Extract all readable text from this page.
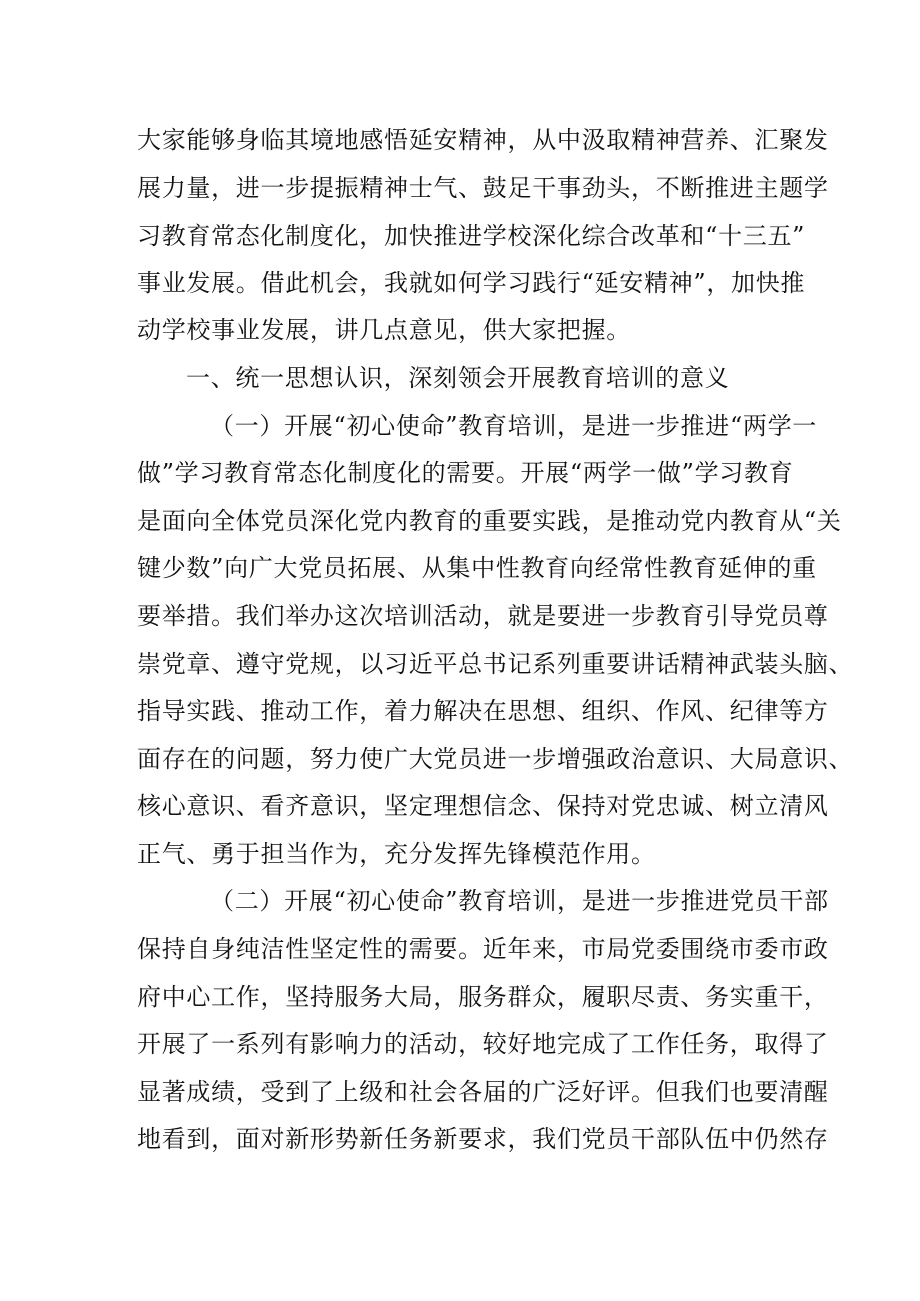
大家能够身临其境地感悟延安精神，从中汲取精神营养、汇聚发

展力量，进一步提振精神士气、鼓足干事劲头，不断推进主题学

习教育常态化制度化，加快推进学校深化综合改革和“十三五”

事业发展。借此机会，我就如何学习践行“延安精神”，加快推

动学校事业发展，讲几点意见，供大家把握。

一、统一思想认识，深刻领会开展教育培训的意义

（一）开展“初心使命”教育培训，是进一步推进“两学一

做”学习教育常态化制度化的需要。开展“两学一做”学习教育

是面向全体党员深化党内教育的重要实践，是推动党内教育从“关

键少数”向广大党员拓展、从集中性教育向经常性教育延伸的重

要举措。我们举办这次培训活动，就是要进一步教育引导党员尊

崇党章、遵守党规，以习近平总书记系列重要讲话精神武装头脑、

指导实践、推动工作，着力解决在思想、组织、作风、纪律等方

面存在的问题，努力使广大党员进一步增强政治意识、大局意识、

核心意识、看齐意识，坚定理想信念、保持对党忠诚、树立清风

正气、勇于担当作为，充分发挥先锋模范作用。

（二）开展“初心使命”教育培训，是进一步推进党员干部

保持自身纯洁性坚定性的需要。近年来，市局党委围绕市委市政

府中心工作，坚持服务大局，服务群众，履职尽责、务实重干，

开展了一系列有影响力的活动，较好地完成了工作任务，取得了

显著成绩，受到了上级和社会各届的广泛好评。但我们也要清醒

地看到，面对新形势新任务新要求，我们党员干部队伍中仍然存
